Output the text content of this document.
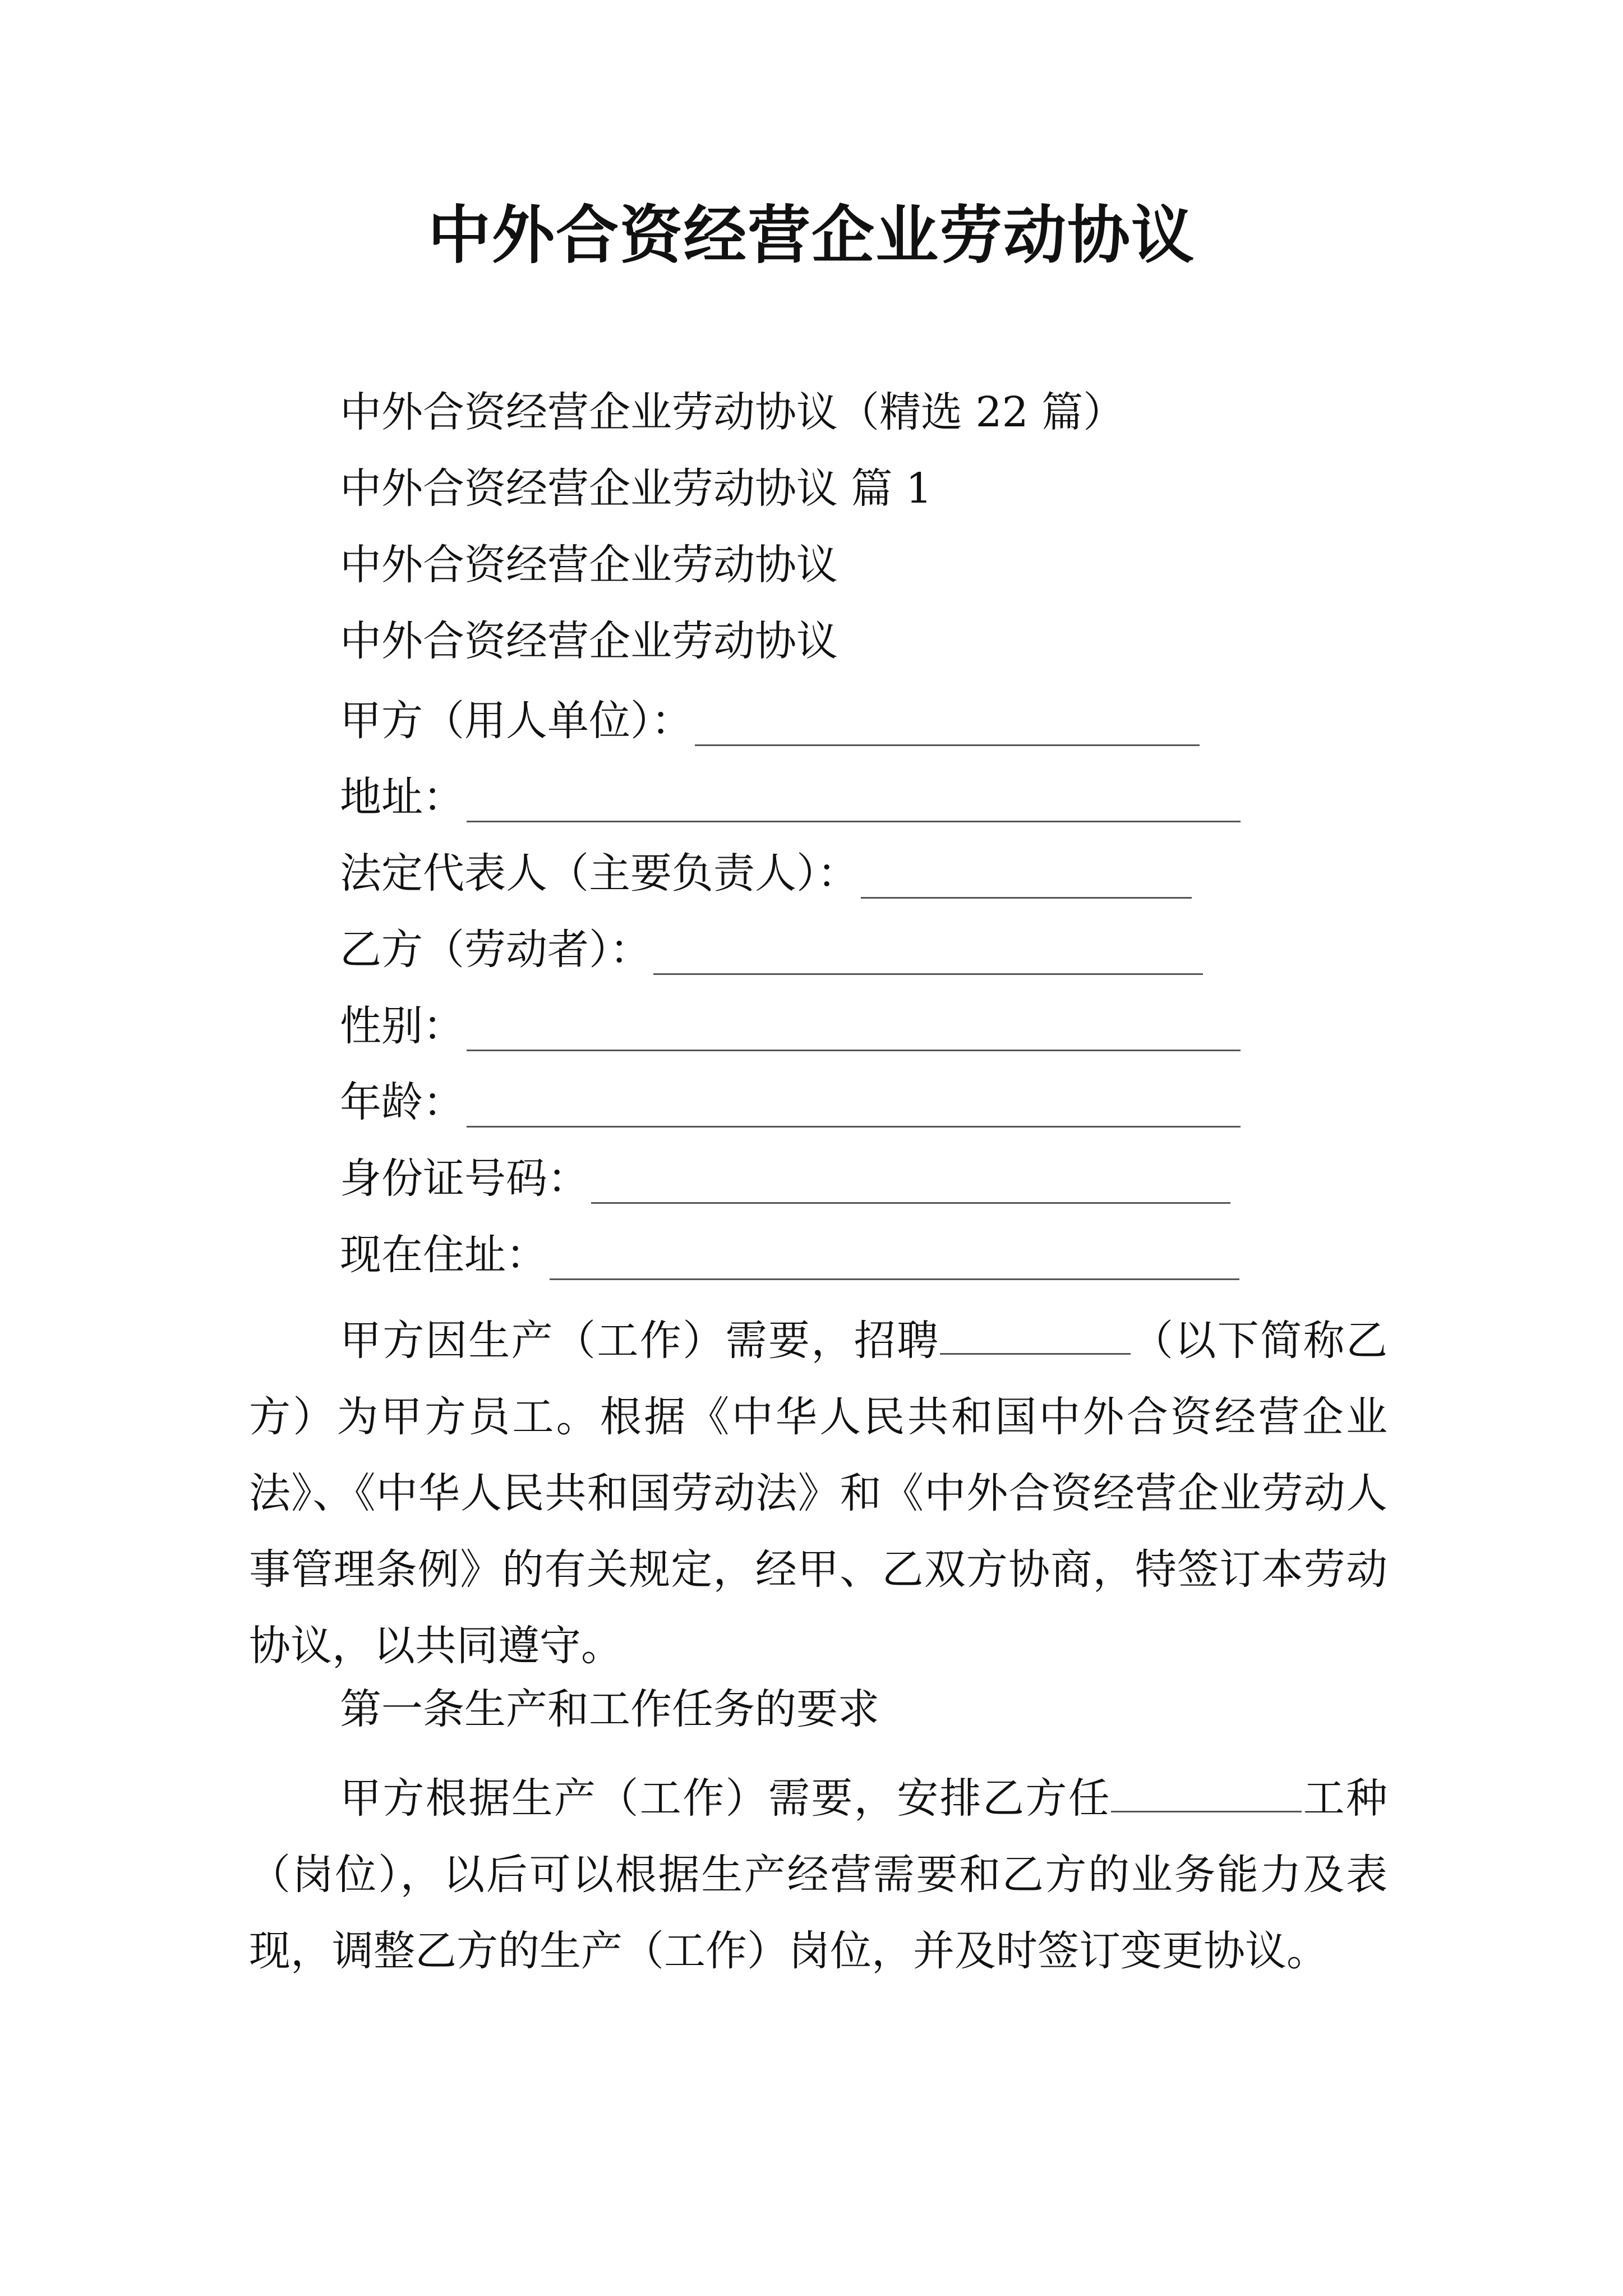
中外合资经营企业劳动协议
中外合资经营企业劳动协议（精选 22 篇）
中外合资经营企业劳动协议 篇 1
中外合资经营企业劳动协议
中外合资经营企业劳动协议
甲方（用人单位）：
地址：
法定代表人（主要负责人）：
乙方（劳动者）：
性别：
年龄：
身份证号码：
现在住址：
甲方因生产（工作）需要，招聘	（以下简称乙方）为甲方员工。根据《中华人民共和国中外合资经营企业法》、《中华人民共和国劳动法》和《中外合资经营企业劳动人事管理条例》的有关规定，经甲、乙双方协商，特签订本劳动协议，以共同遵守。
第一条生产和工作任务的要求
甲方根据生产（工作）需要，安排乙方任	工种（岗位），以后可以根据生产经营需要和乙方的业务能力及表现，调整乙方的生产（工作）岗位，并及时签订变更协议。
